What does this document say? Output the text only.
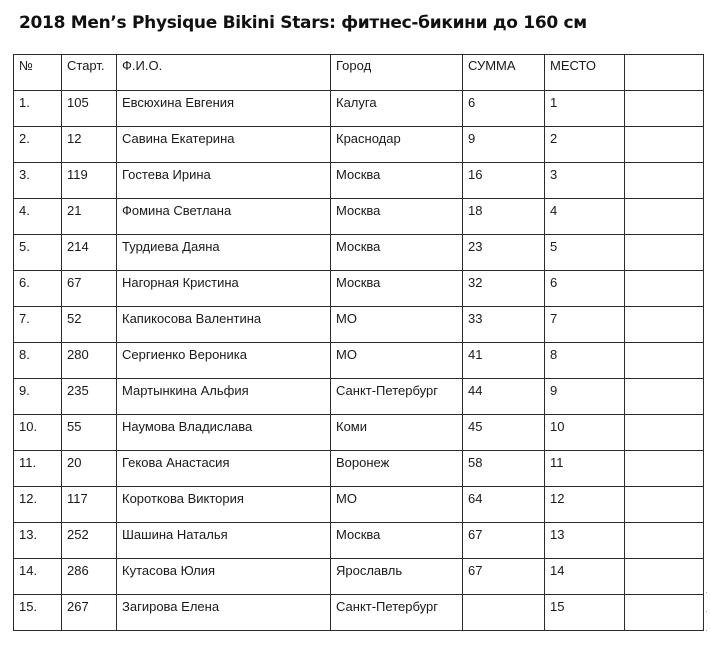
2018 Men’s Physique Bikini Stars: фитнес-бикини до 160 см
№	Старт.	Ф.И.О.	Город	СУММА	МЕСТО	

1.	105	Евсюхина Евгения	Калуга	6	1	

2.	12	Савина Екатерина	Краснодар	9	2	

3.	119	Гостева Ирина	Москва	16	3	

4.	21	Фомина Светлана	Москва	18	4	

5.	214	Турдиева Даяна	Москва	23	5	

6.	67	Нагорная Кристина	Москва	32	6	

7.	52	Капикосова Валентина	МО	33	7	

8.	280	Сергиенко Вероника	МО	41	8	

9.	235	Мартынкина Альфия	Санкт-Петербург	44	9	

10.	55	Наумова Владислава	Коми	45	10	

11.	20	Гекова Анастасия	Воронеж	58	11	

12.	117	Короткова Виктория	МО	64	12	

13.	252	Шашина Наталья	Москва	67	13	

14.	286	Кутасова Юлия	Ярославль	67	14	

15.	267	Загирова Елена	Санкт-Петербург		15	

·
·
·
